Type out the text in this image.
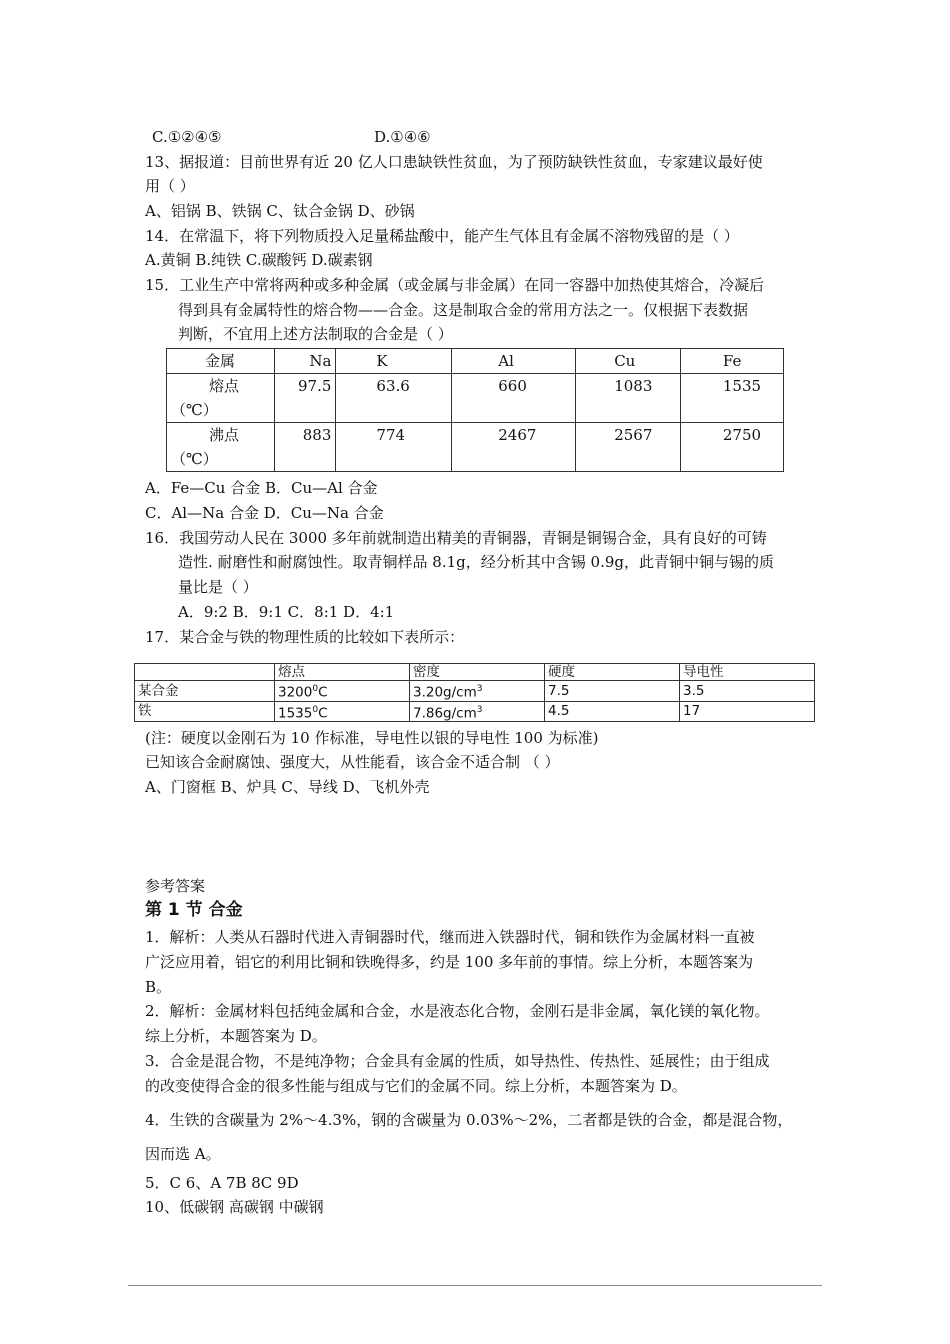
C.①②④⑤	D.①④⑥
13、据报道：目前世界有近 20 亿人口患缺铁性贫血，为了预防缺铁性贫血，专家建议最好使
用（ ）
A、铝锅 B、铁锅 C、钛合金锅 D、砂锅
14．在常温下，将下列物质投入足量稀盐酸中，能产生气体且有金属不溶物残留的是（ ）
A.黄铜 B.纯铁 C.碳酸钙 D.碳素钢
15．工业生产中常将两种或多种金属（或金属与非金属）在同一容器中加热使其熔合，冷凝后
得到具有金属特性的熔合物——合金。这是制取合金的常用方法之一。仅根据下表数据
判断，不宜用上述方法制取的合金是（ ）
金属	Na	K	Al	Cu	Fe

熔点
（℃）	97.5	63.6	660	1083	1535

沸点
（℃）	883	774	2467	2567	2750
A．Fe—Cu 合金 B．Cu—Al 合金
C．Al—Na 合金 D．Cu—Na 合金
16．我国劳动人民在 3000 多年前就制造出精美的青铜器，青铜是铜锡合金，具有良好的可铸
造性. 耐磨性和耐腐蚀性。取青铜样品 8.1g，经分析其中含锡 0.9g，此青铜中铜与锡的质
量比是（ ）
A．9:2 B．9:1 C．8:1 D．4:1
17．某合金与铁的物理性质的比较如下表所示：
	熔点	密度	硬度	导电性
某合金	3200$^0$C	$3.20g/cm^3$	7.5	3.5
铁	1535$^0$C	$7.86g/cm^3$	4.5	17
(注：硬度以金刚石为 10 作标准，导电性以银的导电性 100 为标准)
已知该合金耐腐蚀、强度大，从性能看，该合金不适合制 （ ）
A、门窗框 B、炉具 C、导线 D、飞机外壳
参考答案
第 1 节 合金
1．解析：人类从石器时代进入青铜器时代，继而进入铁器时代，铜和铁作为金属材料一直被
广泛应用着，铝它的利用比铜和铁晚得多，约是 100 多年前的事情。综上分析，本题答案为
B。
2．解析：金属材料包括纯金属和合金，水是液态化合物，金刚石是非金属，氧化镁的氧化物。
综上分析，本题答案为 D。
3．合金是混合物，不是纯净物；合金具有金属的性质，如导热性、传热性、延展性；由于组成
的改变使得合金的很多性能与组成与它们的金属不同。综上分析，本题答案为 D。
4．生铁的含碳量为 2%～4.3%，钢的含碳量为 0.03%～2%，二者都是铁的合金，都是混合物，
因而选 A。
5．C 6、A 7B 8C 9D
10、低碳钢 高碳钢 中碳钢
